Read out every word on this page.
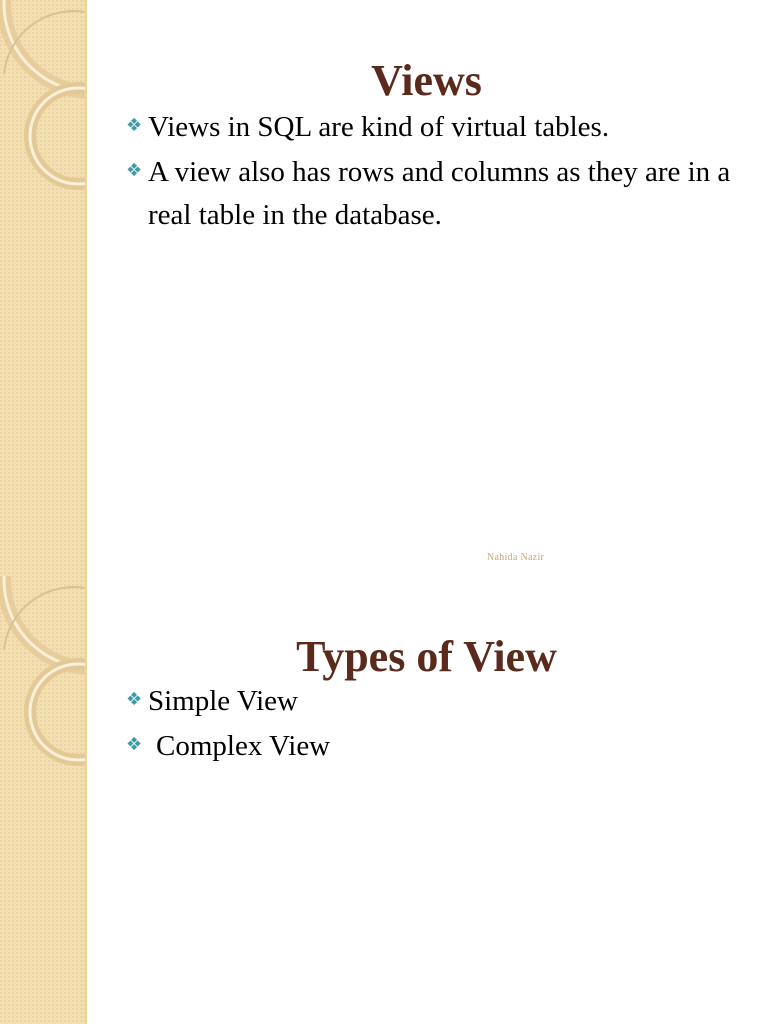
Views
❖ Views in SQL are kind of virtual tables.
❖ A view also has rows and columns as they are in a real table in the database.
Nahida Nazir
Types of View
❖ Simple View
❖ Complex View
